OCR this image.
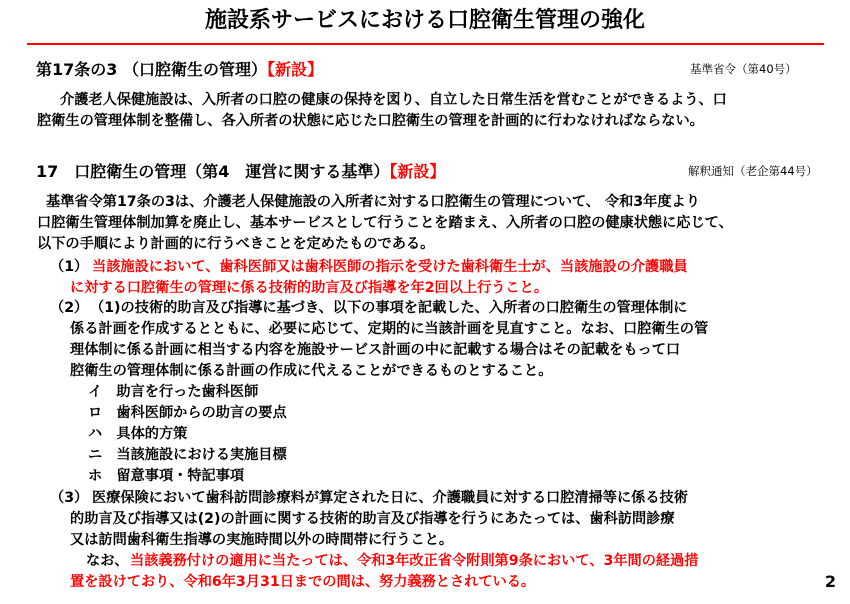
施設系サービスにおける口腔衛生管理の強化
第17条の3 （口腔衛生の管理）【新設】	基準省令（第40号）
介護老人保健施設は、入所者の口腔の健康の保持を図り、自立した日常生活を営むことができるよう、口
腔衛生の管理体制を整備し、各入所者の状態に応じた口腔衛生の管理を計画的に行わなければならない。
17　口腔衛生の管理（第4　運営に関する基準）【新設】	解釈通知（老企第44号）
基準省令第17条の3は、介護老人保健施設の入所者に対する口腔衛生の管理について、 令和3年度より
口腔衛生管理体制加算を廃止し、基本サービスとして行うことを踏まえ、入所者の口腔の健康状態に応じて、
以下の手順により計画的に行うべきことを定めたものである。
（1） 当該施設において、歯科医師又は歯科医師の指示を受けた歯科衛生士が、当該施設の介護職員
に対する口腔衛生の管理に係る技術的助言及び指導を年2回以上行うこと。
（2） （1)の技術的助言及び指導に基づき、以下の事項を記載した、入所者の口腔衛生の管理体制に
係る計画を作成するとともに、必要に応じて、定期的に当該計画を見直すこと。なお、口腔衛生の管
理体制に係る計画に相当する内容を施設サービス計画の中に記載する場合はその記載をもって口
腔衛生の管理体制に係る計画の作成に代えることができるものとすること。
イ　助言を行った歯科医師
ロ　歯科医師からの助言の要点
ハ　具体的方策
ニ　当該施設における実施目標
ホ　留意事項・特記事項
（3） 医療保険において歯科訪問診療料が算定された日に、介護職員に対する口腔清掃等に係る技術
的助言及び指導又は(2)の計画に関する技術的助言及び指導を行うにあたっては、歯科訪問診療
又は訪問歯科衛生指導の実施時間以外の時間帯に行うこと。
なお、 当該義務付けの適用に当たっては、令和3年改正省令附則第9条において、3年間の経過措
置を設けており、令和6年3月31日までの間は、努力義務とされている。	2
